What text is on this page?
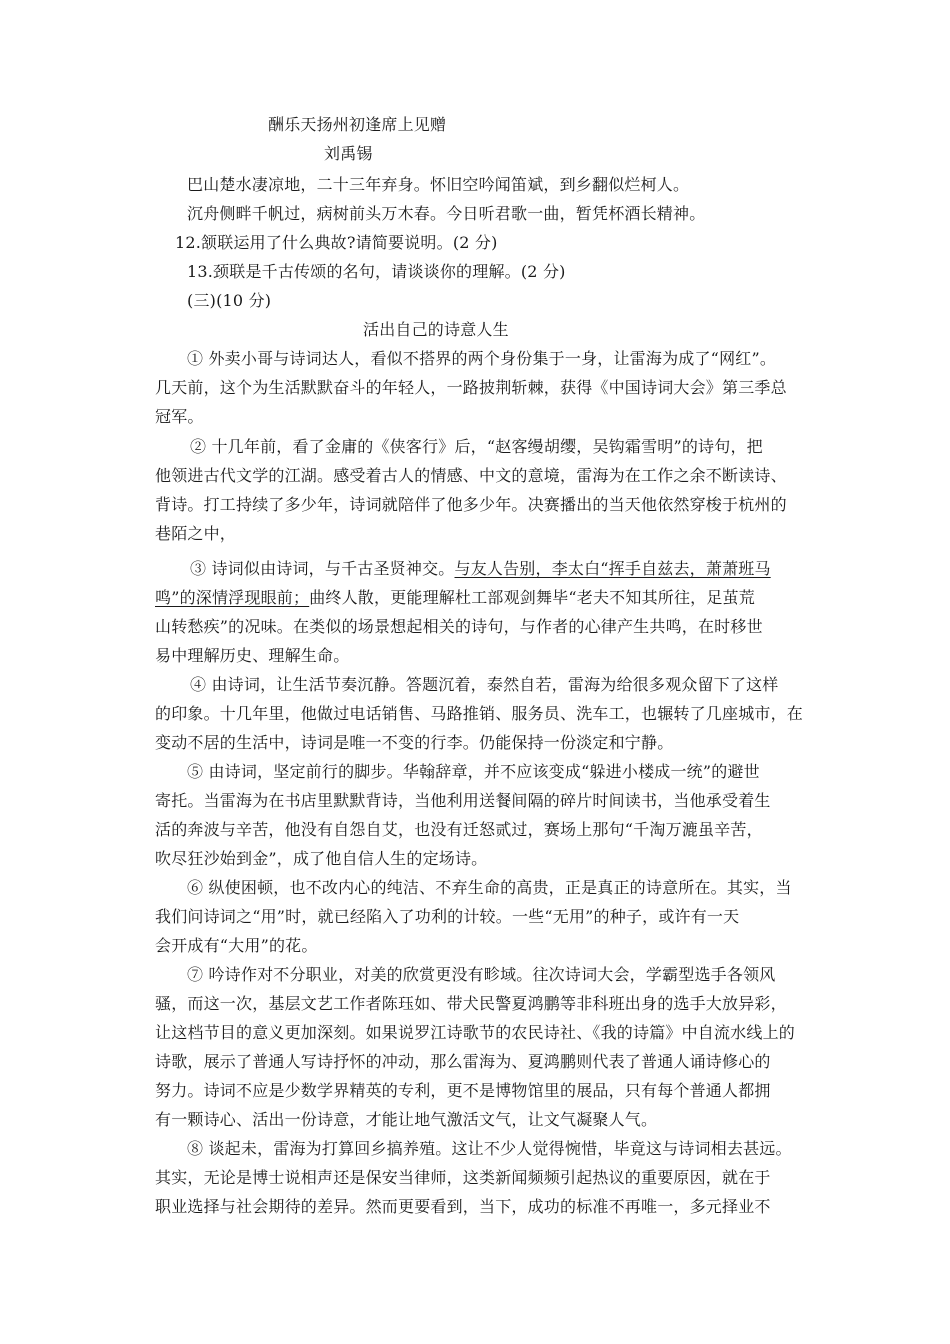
酬乐天扬州初逢席上见赠
刘禹锡
巴山楚水凄凉地，二十三年弃身。怀旧空吟闻笛斌，到乡翻似烂柯人。
沉舟侧畔千帆过，病树前头万木春。今日听君歌一曲，暂凭杯酒长精神。
12.颔联运用了什么典故?请简要说明。(2 分)
13.颈联是千古传颂的名句，请谈谈你的理解。(2 分)
(三)(10 分)
活出自己的诗意人生
① 外卖小哥与诗词达人，看似不搭界的两个身份集于一身，让雷海为成了“网红”。
几天前，这个为生活默默奋斗的年轻人，一路披荆斩棘，获得《中国诗词大会》第三季总
冠军。
② 十几年前，看了金庸的《侠客行》后，“赵客缦胡缨，吴钩霜雪明”的诗句，把
他领进古代文学的江湖。感受着古人的情感、中文的意境，雷海为在工作之余不断读诗、
背诗。打工持续了多少年，诗词就陪伴了他多少年。决赛播出的当天他依然穿梭于杭州的
巷陌之中，
③ 诗词似由诗词，与千古圣贤神交。与友人告别，李太白“挥手自兹去，萧萧班马
鸣”的深情浮现眼前；曲终人散，更能理解杜工部观剑舞毕“老夫不知其所往，足茧荒
山转愁疾”的况味。在类似的场景想起相关的诗句，与作者的心律产生共鸣，在时移世
易中理解历史、理解生命。
④ 由诗词，让生活节奏沉静。答题沉着，泰然自若，雷海为给很多观众留下了这样
的印象。十几年里，他做过电话销售、马路推销、服务员、洗车工，也辗转了几座城市，在
变动不居的生活中，诗词是唯一不变的行李。仍能保持一份淡定和宁静。
⑤ 由诗词，坚定前行的脚步。华翰辞章，并不应该变成“躲进小楼成一统”的避世
寄托。当雷海为在书店里默默背诗，当他利用送餐间隔的碎片时间读书，当他承受着生
活的奔波与辛苦，他没有自怨自艾，也没有迁怒贰过，赛场上那句“千淘万漉虽辛苦，
吹尽狂沙始到金”，成了他自信人生的定场诗。
⑥ 纵使困顿，也不改内心的纯洁、不弃生命的高贵，正是真正的诗意所在。其实，当
我们问诗词之“用”时，就已经陷入了功利的计较。一些“无用”的种子，或许有一天
会开成有“大用”的花。
⑦ 吟诗作对不分职业，对美的欣赏更没有畛域。往次诗词大会，学霸型选手各领风
骚，而这一次，基层文艺工作者陈珏如、带犬民警夏鸿鹏等非科班出身的选手大放异彩，
让这档节目的意义更加深刻。如果说罗江诗歌节的农民诗社、《我的诗篇》中自流水线上的
诗歌，展示了普通人写诗抒怀的冲动，那么雷海为、夏鸿鹏则代表了普通人诵诗修心的
努力。诗词不应是少数学界精英的专利，更不是博物馆里的展品，只有每个普通人都拥
有一颗诗心、活出一份诗意，才能让地气激活文气，让文气凝聚人气。
⑧ 谈起未，雷海为打算回乡搞养殖。这让不少人觉得惋惜，毕竟这与诗词相去甚远。
其实，无论是博士说相声还是保安当律师，这类新闻频频引起热议的重要原因，就在于
职业选择与社会期待的差异。然而更要看到，当下，成功的标准不再唯一，多元择业不
